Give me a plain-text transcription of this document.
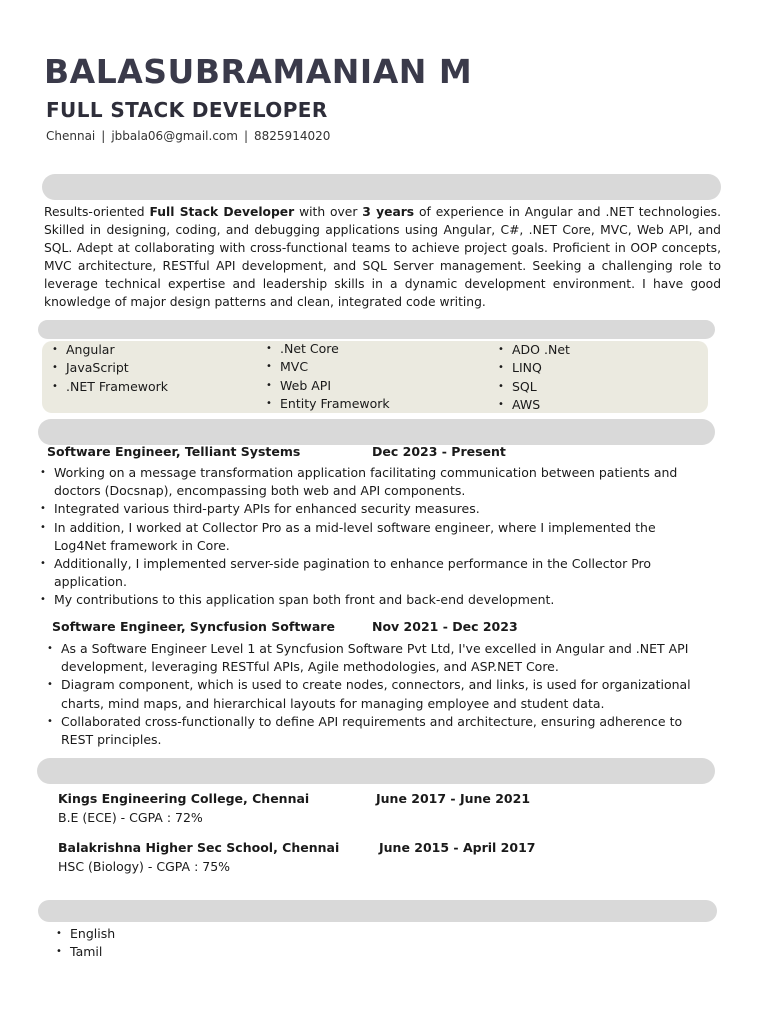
BALASUBRAMANIAN M
FULL STACK DEVELOPER
Chennai | jbbala06@gmail.com | 8825914020

Results-oriented Full Stack Developer with over 3 years of experience in Angular and .NET technologies. Skilled in designing, coding, and debugging applications using Angular, C#, .NET Core, MVC, Web API, and SQL. Adept at collaborating with cross-functional teams to achieve project goals. Proficient in OOP concepts, MVC architecture, RESTful API development, and SQL Server management. Seeking a challenging role to leverage technical expertise and leadership skills in a dynamic development environment. I have good knowledge of major design patterns and clean, integrated code writing.

• Angular
• JavaScript
• .NET Framework
• .Net Core
• MVC
• Web API
• Entity Framework
• ADO .Net
• LINQ
• SQL
• AWS
Software Engineer, Telliant Systems	Dec 2023 - Present
• Working on a message transformation application facilitating communication between patients and doctors (Docsnap), encompassing both web and API components.
• Integrated various third-party APIs for enhanced security measures.
• In addition, I worked at Collector Pro as a mid-level software engineer, where I implemented the Log4Net framework in Core.
• Additionally, I implemented server-side pagination to enhance performance in the Collector Pro application.
• My contributions to this application span both front and back-end development.
Software Engineer, Syncfusion Software	Nov 2021 - Dec 2023
• As a Software Engineer Level 1 at Syncfusion Software Pvt Ltd, I've excelled in Angular and .NET API development, leveraging RESTful APIs, Agile methodologies, and ASP.NET Core.
• Diagram component, which is used to create nodes, connectors, and links, is used for organizational charts, mind maps, and hierarchical layouts for managing employee and student data.
• Collaborated cross-functionally to define API requirements and architecture, ensuring adherence to REST principles.
Kings Engineering College, Chennai	June 2017 - June 2021
B.E (ECE) - CGPA : 72%
Balakrishna Higher Sec School, Chennai	June 2015 - April 2017
HSC (Biology) - CGPA : 75%
• English
• Tamil
